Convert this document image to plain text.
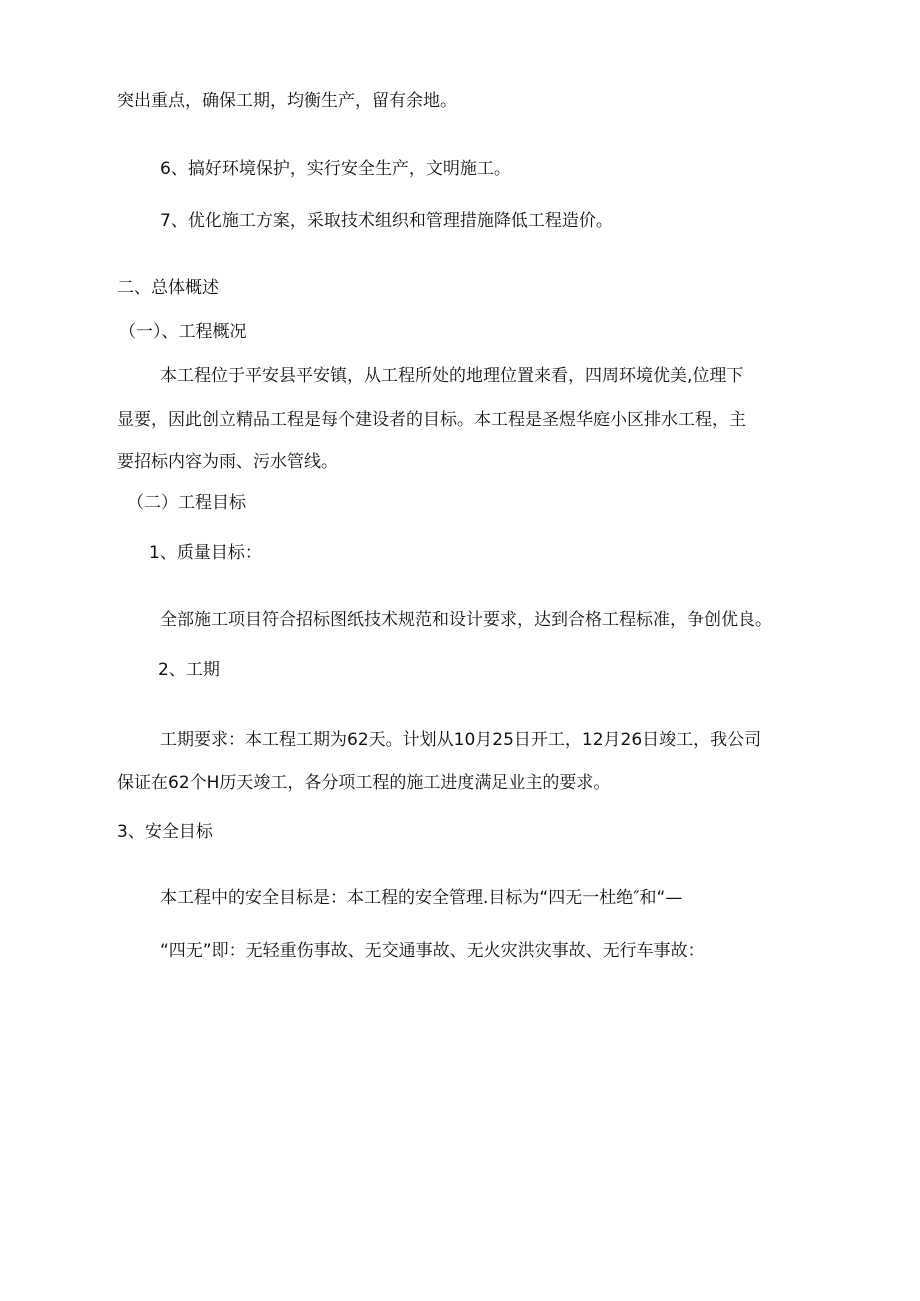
突出重点，确保工期，均衡生产，留有余地。

6、搞好环境保护，实行安全生产，文明施工。

7、优化施工方案，采取技术组织和管理措施降低工程造价。

二、总体概述

（一）、工程概况

本工程位于平安县平安镇，从工程所处的地理位置来看，四周环境优美,位理下

显要，因此创立精品工程是每个建设者的目标。本工程是圣煜华庭小区排水工程，主

要招标内容为雨、污水管线。

（二）工程目标

1、质量目标：

全部施工项目符合招标图纸技术规范和设计要求，达到合格工程标准，争创优良。

2、工期

工期要求：本工程工期为62天。计划从10月25日开工，12月26日竣工，我公司

保证在62个H历天竣工，各分项工程的施工进度满足业主的要求。

3、安全目标

本工程中的安全目标是：本工程的安全管理.目标为“四无一杜绝″和“—

“四无”即：无轻重伤事故、无交通事故、无火灾洪灾事故、无行车事故：
